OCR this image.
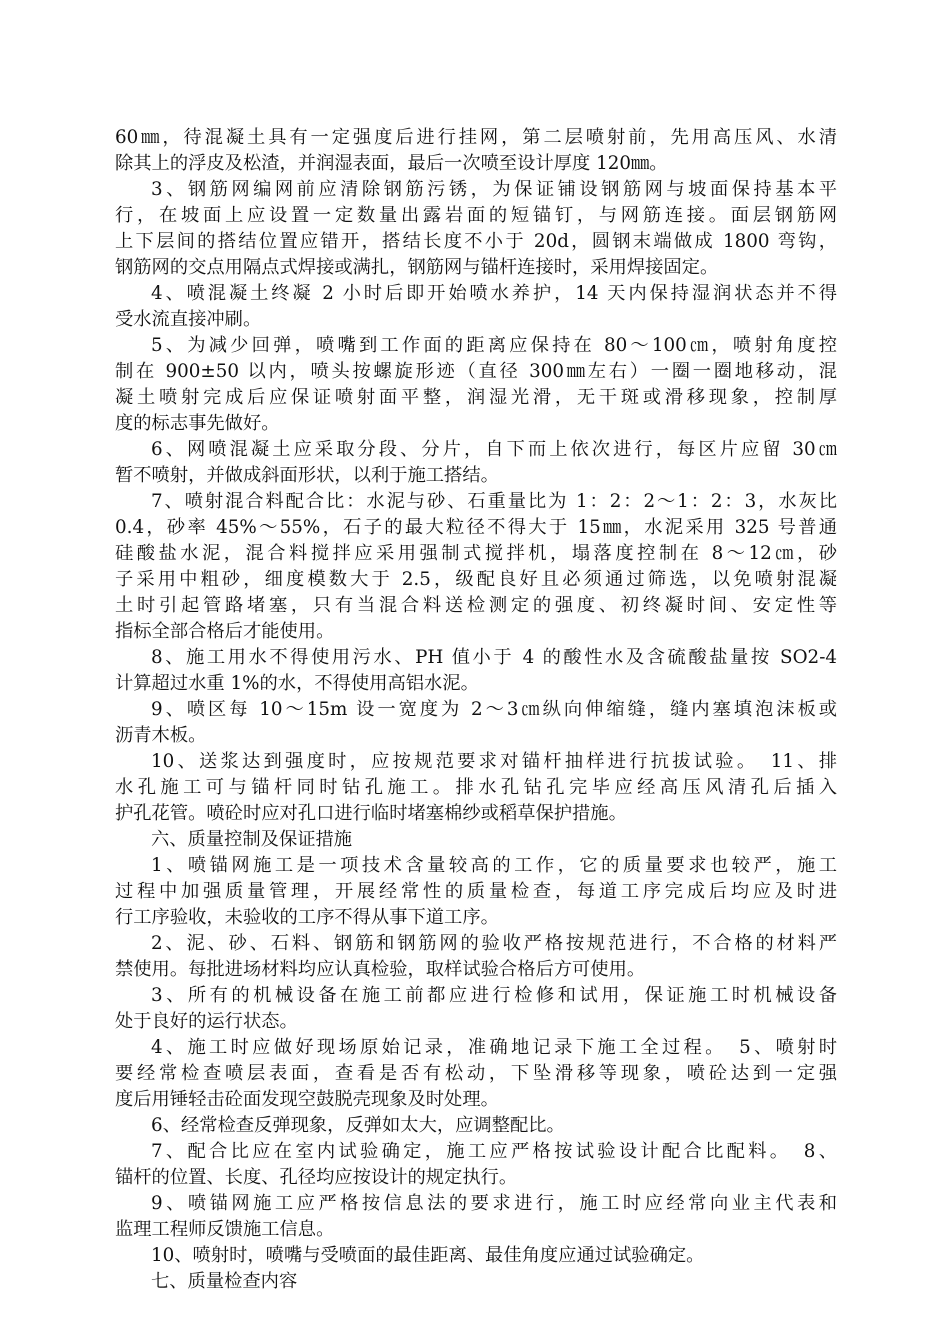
60㎜，待混凝土具有一定强度后进行挂网，第二层喷射前，先用高压风、水清
除其上的浮皮及松渣，并润湿表面，最后一次喷至设计厚度 120㎜。
3、钢筋网编网前应清除钢筋污锈，为保证铺设钢筋网与坡面保持基本平
行，在坡面上应设置一定数量出露岩面的短锚钉，与网筋连接。面层钢筋网
上下层间的搭结位置应错开，搭结长度不小于 20d，圆钢末端做成 1800 弯钩，
钢筋网的交点用隔点式焊接或满扎，钢筋网与锚杆连接时，采用焊接固定。
4、喷混凝土终凝 2 小时后即开始喷水养护，14 天内保持湿润状态并不得
受水流直接冲刷。
5、为减少回弹，喷嘴到工作面的距离应保持在 80～100㎝，喷射角度控
制在 900±50 以内，喷头按螺旋形迹（直径 300㎜左右）一圈一圈地移动，混
凝土喷射完成后应保证喷射面平整，润湿光滑，无干斑或滑移现象，控制厚
度的标志事先做好。
6、网喷混凝土应采取分段、分片，自下而上依次进行，每区片应留 30㎝
暂不喷射，并做成斜面形状，以利于施工搭结。
7、喷射混合料配合比：水泥与砂、石重量比为 1：2：2～1：2：3，水灰比
0.4，砂率 45%～55%，石子的最大粒径不得大于 15㎜，水泥采用 325 号普通
硅酸盐水泥，混合料搅拌应采用强制式搅拌机，塌落度控制在 8～12㎝，砂
子采用中粗砂，细度模数大于 2.5，级配良好且必须通过筛选，以免喷射混凝
土时引起管路堵塞，只有当混合料送检测定的强度、初终凝时间、安定性等
指标全部合格后才能使用。
8、施工用水不得使用污水、PH 值小于 4 的酸性水及含硫酸盐量按 SO2-4
计算超过水重 1%的水，不得使用高铝水泥。
9、喷区每 10～15m 设一宽度为 2～3㎝纵向伸缩缝，缝内塞填泡沫板或
沥青木板。
10、送浆达到强度时，应按规范要求对锚杆抽样进行抗拔试验。　11、排
水孔施工可与锚杆同时钻孔施工。排水孔钻孔完毕应经高压风清孔后插入
护孔花管。喷砼时应对孔口进行临时堵塞棉纱或稻草保护措施。
六、质量控制及保证措施
1、喷锚网施工是一项技术含量较高的工作，它的质量要求也较严，施工
过程中加强质量管理，开展经常性的质量检查，每道工序完成后均应及时进
行工序验收，未验收的工序不得从事下道工序。
2、泥、砂、石料、钢筋和钢筋网的验收严格按规范进行，不合格的材料严
禁使用。每批进场材料均应认真检验，取样试验合格后方可使用。
3、所有的机械设备在施工前都应进行检修和试用，保证施工时机械设备
处于良好的运行状态。
4、施工时应做好现场原始记录，准确地记录下施工全过程。　5、喷射时
要经常检查喷层表面，查看是否有松动，下坠滑移等现象，喷砼达到一定强
度后用锤轻击砼面发现空鼓脱壳现象及时处理。
6、经常检查反弹现象，反弹如太大，应调整配比。
7、配合比应在室内试验确定，施工应严格按试验设计配合比配料。　8、
锚杆的位置、长度、孔径均应按设计的规定执行。
9、喷锚网施工应严格按信息法的要求进行，施工时应经常向业主代表和
监理工程师反馈施工信息。
10、喷射时，喷嘴与受喷面的最佳距离、最佳角度应通过试验确定。
七、质量检查内容
